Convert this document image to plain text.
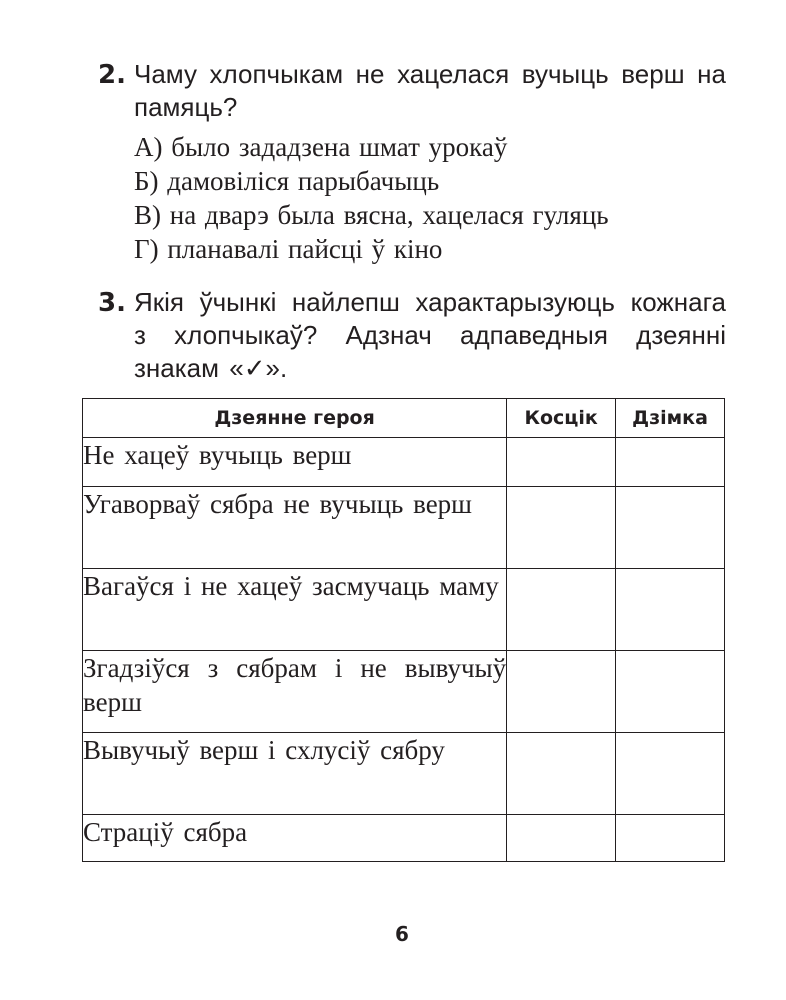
2. Чаму хлопчыкам не хацелася вучыць верш на памяць?
А) было зададзена шмат урокаў
Б) дамовіліся парыбачыць
В) на дварэ была вясна, хацелася гуляць
Г) планавалі пайсці ў кіно
3. Якія ўчынкі найлепш характарызуюць кожнага з хлопчыкаў? Адзнач адпаведныя дзеянні знакам «✓».
Дзеянне героя	Косцік	Дзімка
Не хацеў вучыць верш		
Угаворваў сябра не вучыць верш		
Вагаўся і не хацеў засмучаць маму		
Згадзіўся з сябрам і не вывучыў верш		
Вывучыў верш і схлусіў сябру		
Страціў сябра		
6
